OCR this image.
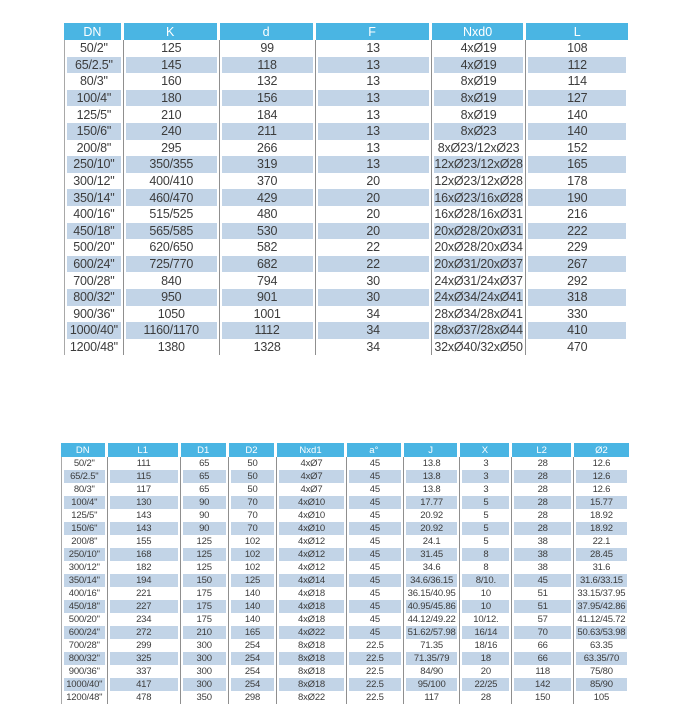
DN	K	d	F	Nxd0	L
50/2"	125	99	13	4xØ19	108
65/2.5"	145	118	13	4xØ19	112
80/3"	160	132	13	8xØ19	114
100/4"	180	156	13	8xØ19	127
125/5"	210	184	13	8xØ19	140
150/6"	240	211	13	8xØ23	140
200/8"	295	266	13	8xØ23/12xØ23	152
250/10"	350/355	319	13	12xØ23/12xØ28	165
300/12"	400/410	370	20	12xØ23/12xØ28	178
350/14"	460/470	429	20	16xØ23/16xØ28	190
400/16"	515/525	480	20	16xØ28/16xØ31	216
450/18"	565/585	530	20	20xØ28/20xØ31	222
500/20"	620/650	582	22	20xØ28/20xØ34	229
600/24"	725/770	682	22	20xØ31/20xØ37	267
700/28"	840	794	30	24xØ31/24xØ37	292
800/32"	950	901	30	24xØ34/24xØ41	318
900/36"	1050	1001	34	28xØ34/28xØ41	330
1000/40"	1160/1170	1112	34	28xØ37/28xØ44	410
1200/48"	1380	1328	34	32xØ40/32xØ50	470
DN	L1	D1	D2	Nxd1	a°	J	X	L2	Ø2
50/2"	111	65	50	4xØ7	45	13.8	3	28	12.6
65/2.5"	115	65	50	4xØ7	45	13.8	3	28	12.6
80/3"	117	65	50	4xØ7	45	13.8	3	28	12.6
100/4"	130	90	70	4xØ10	45	17.77	5	28	15.77
125/5"	143	90	70	4xØ10	45	20.92	5	28	18.92
150/6"	143	90	70	4xØ10	45	20.92	5	28	18.92
200/8"	155	125	102	4xØ12	45	24.1	5	38	22.1
250/10"	168	125	102	4xØ12	45	31.45	8	38	28.45
300/12"	182	125	102	4xØ12	45	34.6	8	38	31.6
350/14"	194	150	125	4xØ14	45	34.6/36.15	8/10.	45	31.6/33.15
400/16"	221	175	140	4xØ18	45	36.15/40.95	10	51	33.15/37.95
450/18"	227	175	140	4xØ18	45	40.95/45.86	10	51	37.95/42.86
500/20"	234	175	140	4xØ18	45	44.12/49.22	10/12.	57	41.12/45.72
600/24"	272	210	165	4xØ22	45	51.62/57.98	16/14	70	50.63/53.98
700/28"	299	300	254	8xØ18	22.5	71.35	18/16	66	63.35
800/32"	325	300	254	8xØ18	22.5	71.35/79	18	66	63.35/70
900/36"	337	300	254	8xØ18	22.5	84/90	20	118	75/80
1000/40"	417	300	254	8xØ18	22.5	95/100	22/25	142	85/90
1200/48"	478	350	298	8xØ22	22.5	117	28	150	105
